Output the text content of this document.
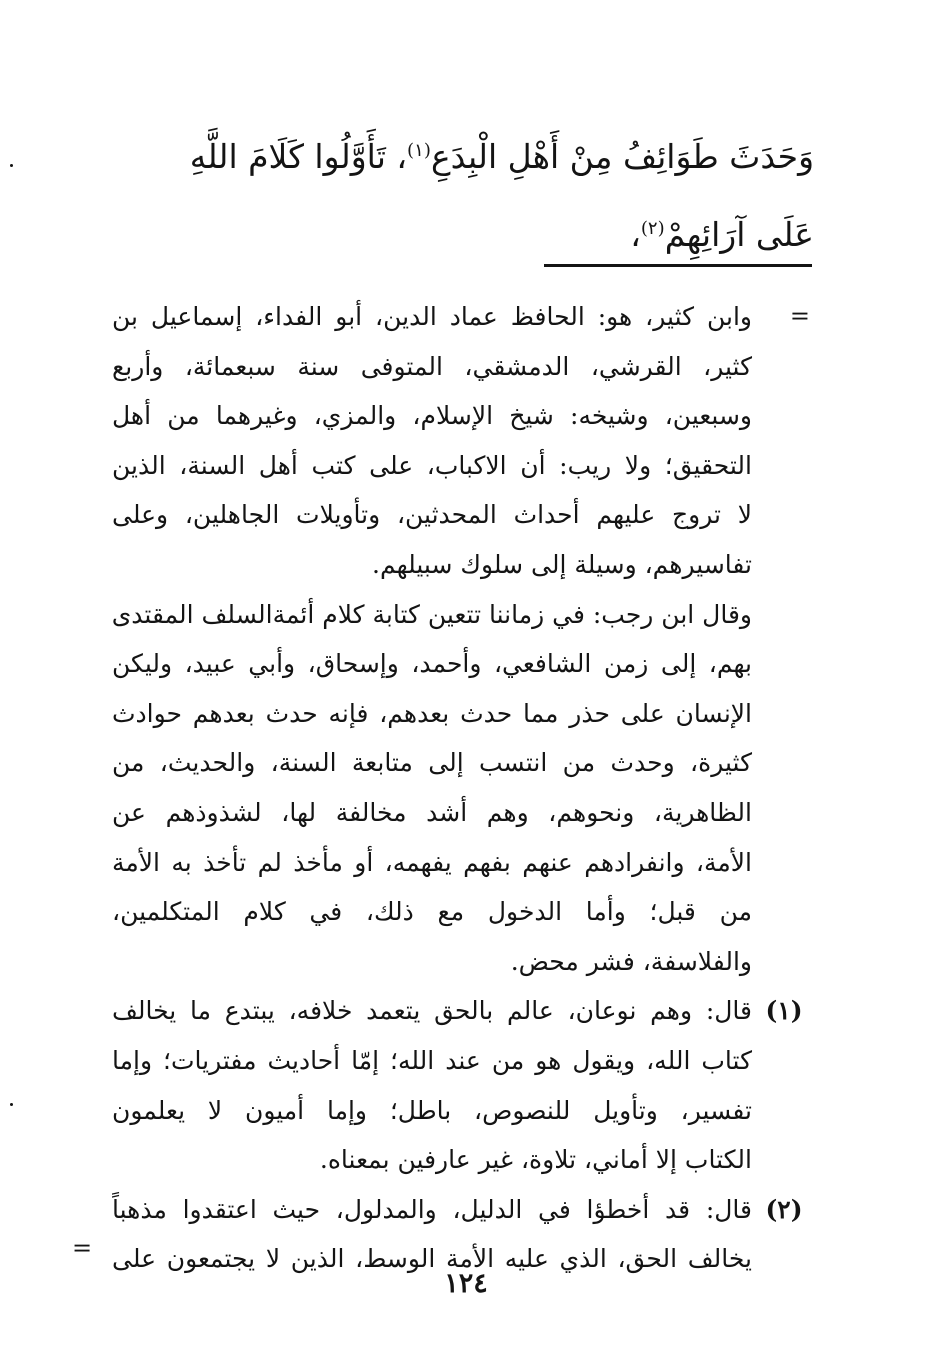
وَحَدَثَ طَوَائِفُ مِنْ أَهْلِ الْبِدَعِ$^{(١)}$، تَأَوَّلُوا كَلَامَ اللَّهِ
عَلَى آرَائِهِمْ$^{(٢)}$،
=
وابن كثير، هو: الحافظ عماد الدين، أبو الفداء، إسماعيل بن
كثير، القرشي، الدمشقي، المتوفى سنة سبعمائة، وأربع
وسبعين، وشيخه: شيخ الإسلام، والمزي، وغيرهما من أهل
التحقيق؛ ولا ريب: أن الاكباب، على كتب أهل السنة، الذين
لا تروج عليهم أحداث المحدثين، وتأويلات الجاهلين، وعلى
تفاسيرهم، وسيلة إلى سلوك سبيلهم.
وقال ابن رجب: في زماننا تتعين كتابة كلام أئمةالسلف المقتدى
بهم، إلى زمن الشافعي، وأحمد، وإسحاق، وأبي عبيد، وليكن
الإنسان على حذر مما حدث بعدهم، فإنه حدث بعدهم حوادث
كثيرة، وحدث من انتسب إلى متابعة السنة، والحديث، من
الظاهرية، ونحوهم، وهم أشد مخالفة لها، لشذوذهم عن
الأمة، وانفرادهم عنهم بفهم يفهمه، أو مأخذ لم تأخذ به الأمة
من قبل؛ وأما الدخول مع ذلك، في كلام المتكلمين،
والفلاسفة، فشر محض.
(١)
قال: وهم نوعان، عالم بالحق يتعمد خلافه، يبتدع ما يخالف
كتاب الله، ويقول هو من عند الله؛ إمّا أحاديث مفتريات؛ وإما
تفسير، وتأويل للنصوص، باطل؛ وإما أميون لا يعلمون
الكتاب إلا أماني، تلاوة، غير عارفين بمعناه.
(٢)
قال: قد أخطؤا في الدليل، والمدلول، حيث اعتقدوا مذهباً
يخالف الحق، الذي عليه الأمة الوسط، الذين لا يجتمعون على
=
١٢٤
